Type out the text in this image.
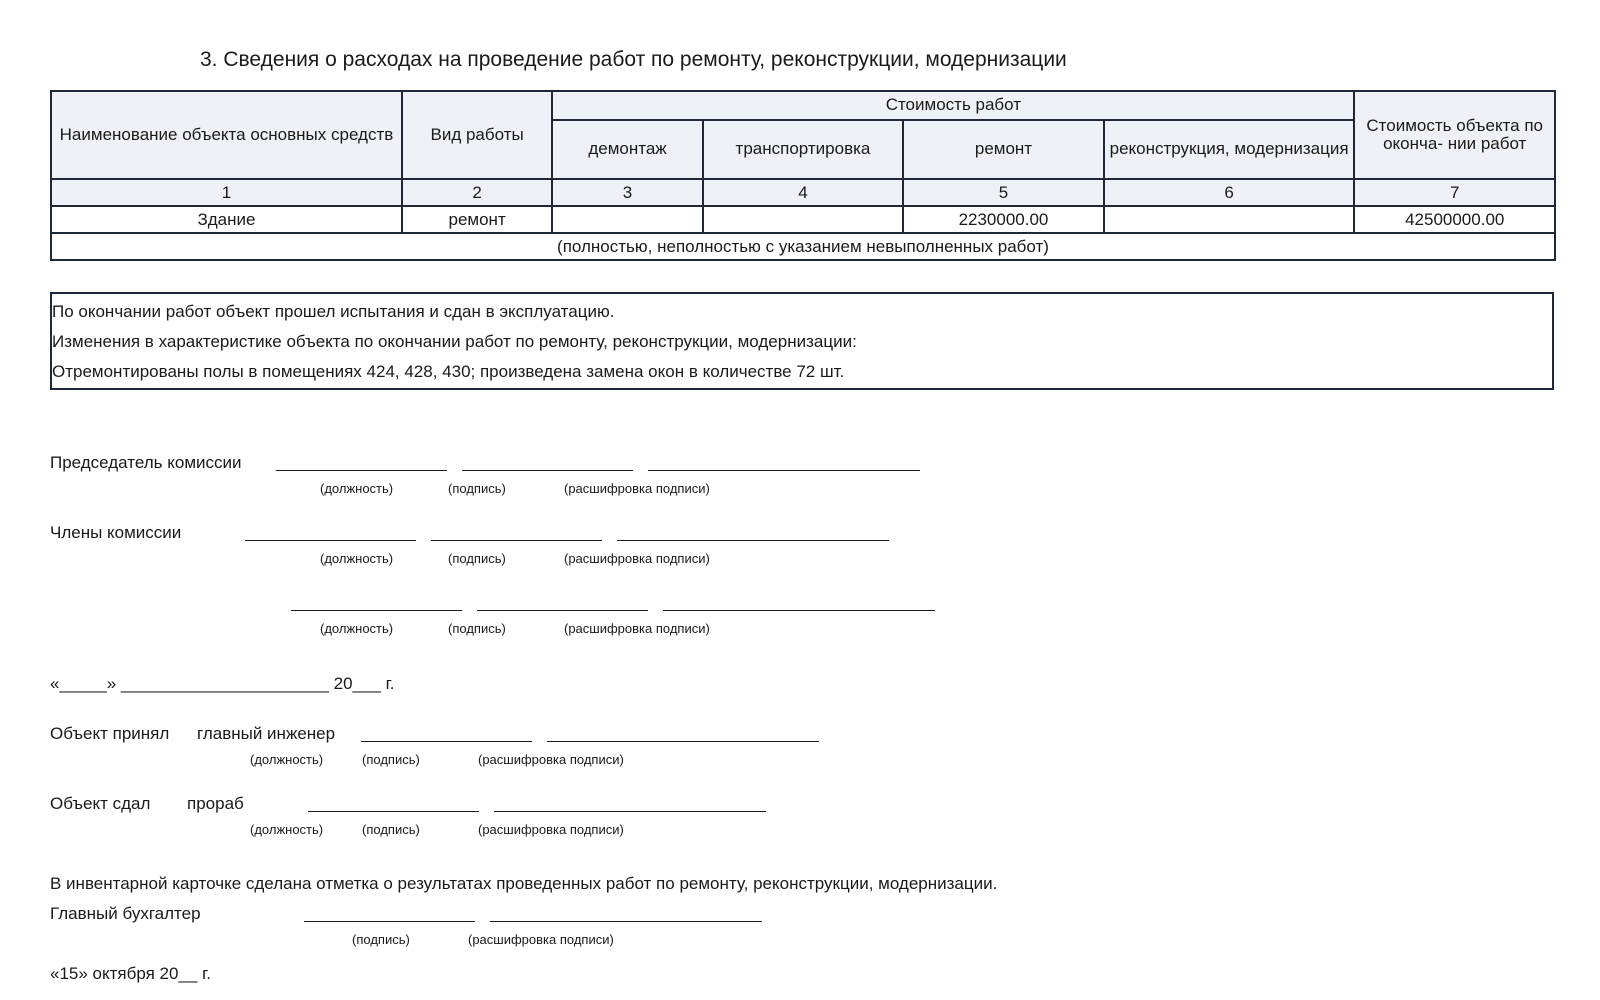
3. Сведения о расходах на проведение работ по ремонту, реконструкции, модернизации
Наименование объекта основных средств	Вид работы	Стоимость работ				Стоимость объекта по оконча- нии работ
		демонтаж	транспортировка	ремонт	реконструкция, модернизация	
1	2	3	4	5	6	7
Здание	ремонт			2230000.00		42500000.00
(полностью, неполностью с указанием невыполненных работ)						
По окончании работ объект прошел испытания и сдан в эксплуатацию.
Изменения в характеристике объекта по окончании работ по ремонту, реконструкции, модернизации:
Отремонтированы полы в помещениях 424, 428, 430; произведена замена окон в количестве 72 шт.
Председатель комиссии
(должность)	(подпись)	(расшифровка подписи)
Члены комиссии
(должность)	(подпись)	(расшифровка подписи)
(должность)	(подпись)	(расшифровка подписи)
«_____» ______________________ 20___ г.
Объект принял главный инженер
(должность)	(подпись)	(расшифровка подписи)
Объект сдал прораб
(должность)	(подпись)	(расшифровка подписи)
В инвентарной карточке сделана отметка о результатах проведенных работ по ремонту, реконструкции, модернизации.
Главный бухгалтер
(подпись)	(расшифровка подписи)
«15» октября 20__ г.
